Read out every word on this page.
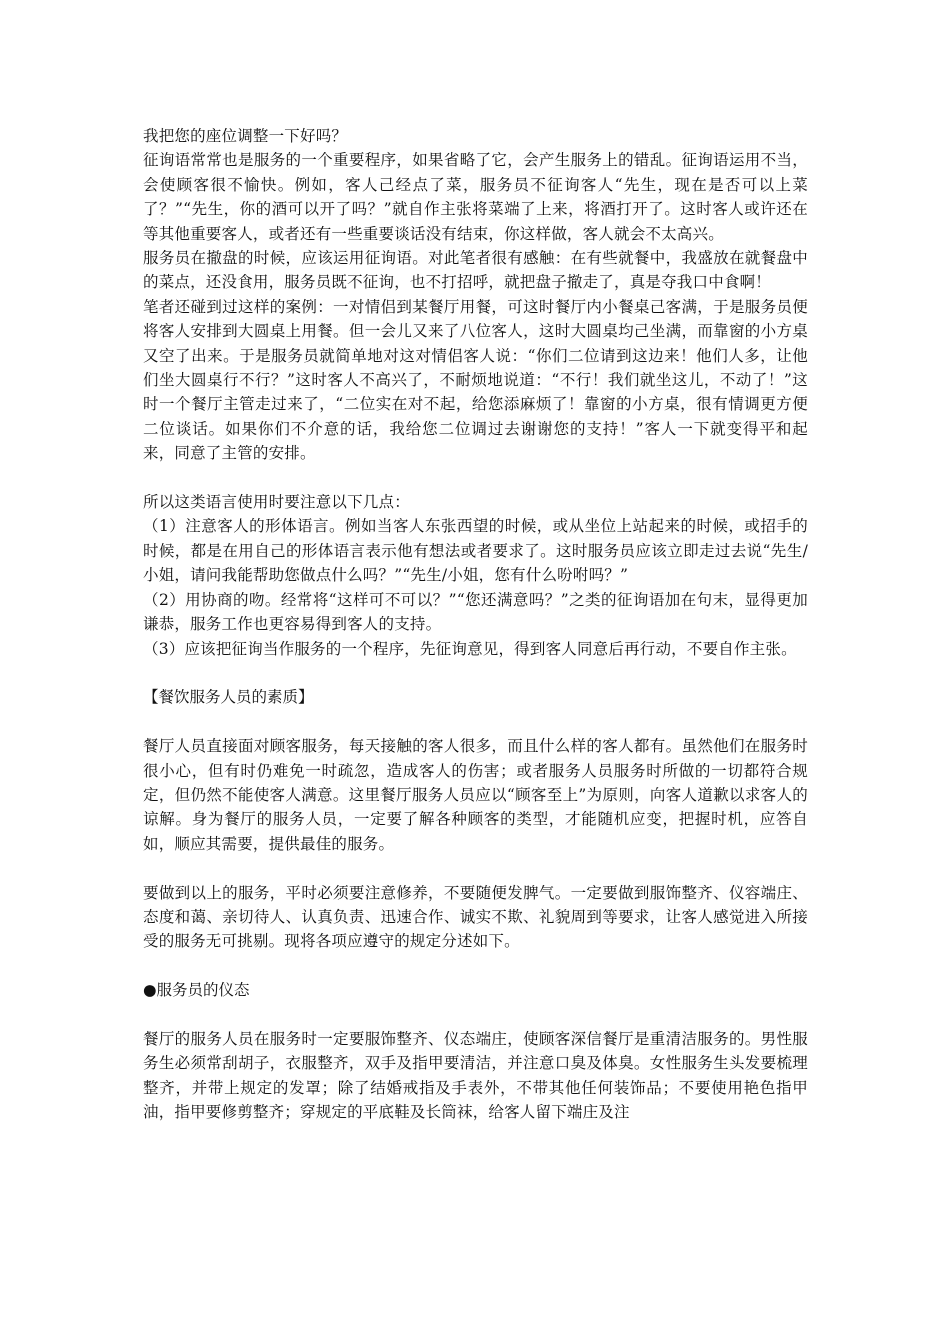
我把您的座位调整一下好吗？

征询语常常也是服务的一个重要程序，如果省略了它，会产生服务上的错乱。征询语运用不当，会使顾客很不愉快。例如，客人己经点了菜，服务员不征询客人“先生，现在是否可以上菜了？”“先生，你的酒可以开了吗？”就自作主张将菜端了上来，将酒打开了。这时客人或许还在等其他重要客人，或者还有一些重要谈话没有结束，你这样做，客人就会不太高兴。

服务员在撤盘的时候，应该运用征询语。对此笔者很有感触：在有些就餐中，我盛放在就餐盘中的菜点，还没食用，服务员既不征询，也不打招呼，就把盘子撤走了，真是夺我口中食啊！

笔者还碰到过这样的案例：一对情侣到某餐厅用餐，可这时餐厅内小餐桌己客满，于是服务员便将客人安排到大圆桌上用餐。但一会儿又来了八位客人，这时大圆桌均己坐满，而靠窗的小方桌又空了出来。于是服务员就简单地对这对情侣客人说：“你们二位请到这边来！他们人多，让他们坐大圆桌行不行？”这时客人不高兴了，不耐烦地说道：“不行！我们就坐这儿，不动了！”这时一个餐厅主管走过来了，“二位实在对不起，给您添麻烦了！靠窗的小方桌，很有情调更方便二位谈话。如果你们不介意的话，我给您二位调过去谢谢您的支持！”客人一下就变得平和起来，同意了主管的安排。

所以这类语言使用时要注意以下几点：

（1）注意客人的形体语言。例如当客人东张西望的时候，或从坐位上站起来的时候，或招手的时候，都是在用自己的形体语言表示他有想法或者要求了。这时服务员应该立即走过去说“先生/小姐，请问我能帮助您做点什么吗？”“先生/小姐，您有什么吩咐吗？”

（2）用协商的吻。经常将“这样可不可以？”“您还满意吗？”之类的征询语加在句末，显得更加谦恭，服务工作也更容易得到客人的支持。

（3）应该把征询当作服务的一个程序，先征询意见，得到客人同意后再行动，不要自作主张。

【餐饮服务人员的素质】

餐厅人员直接面对顾客服务，每天接触的客人很多，而且什么样的客人都有。虽然他们在服务时很小心，但有时仍难免一时疏忽，造成客人的伤害；或者服务人员服务时所做的一切都符合规定，但仍然不能使客人满意。这里餐厅服务人员应以“顾客至上”为原则，向客人道歉以求客人的谅解。身为餐厅的服务人员，一定要了解各种顾客的类型，才能随机应变，把握时机，应答自如，顺应其需要，提供最佳的服务。

要做到以上的服务，平时必须要注意修养，不要随便发脾气。一定要做到服饰整齐、仪容端庄、态度和蔼、亲切待人、认真负责、迅速合作、诚实不欺、礼貌周到等要求，让客人感觉进入所接受的服务无可挑剔。现将各项应遵守的规定分述如下。

●服务员的仪态

餐厅的服务人员在服务时一定要服饰整齐、仪态端庄，使顾客深信餐厅是重清洁服务的。男性服务生必须常刮胡子，衣服整齐，双手及指甲要清洁，并注意口臭及体臭。女性服务生头发要梳理整齐，并带上规定的发罩；除了结婚戒指及手表外，不带其他任何装饰品；不要使用艳色指甲油，指甲要修剪整齐；穿规定的平底鞋及长筒袜，给客人留下端庄及注
